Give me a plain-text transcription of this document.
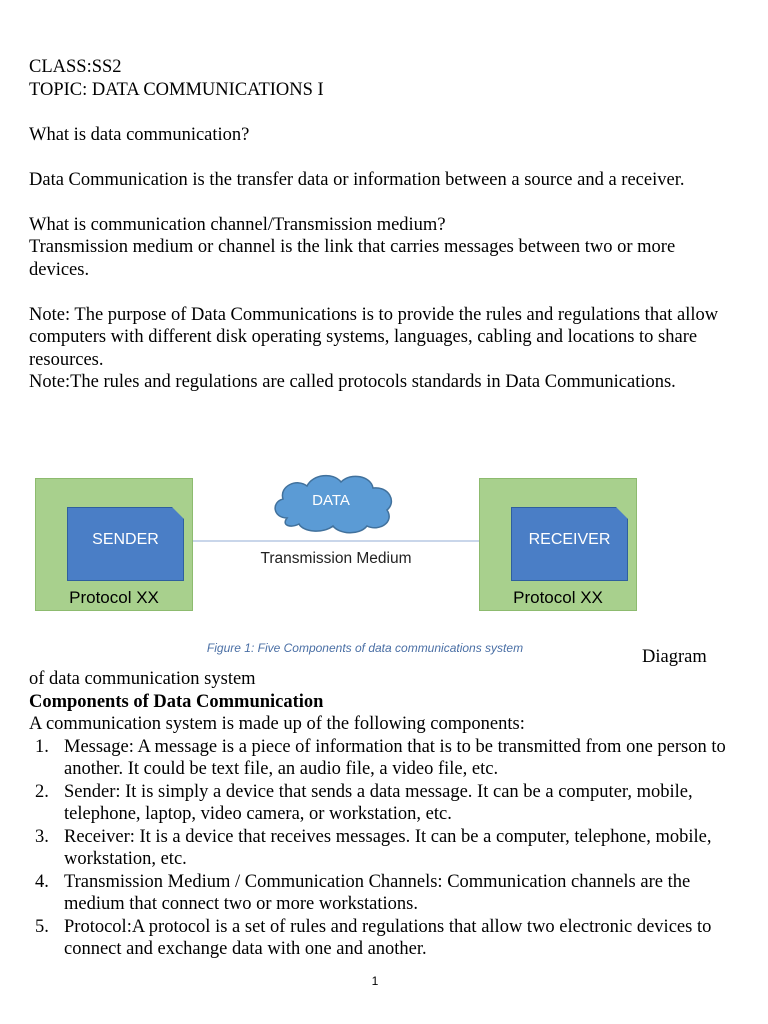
CLASS:SS2

TOPIC: DATA COMMUNICATIONS I

What is data communication?

Data Communication is the transfer data or information between a source and a receiver.

What is communication channel/Transmission medium?

Transmission medium or channel is the link that carries messages between two or more devices.

Note: The purpose of Data Communications is to provide the rules and regulations that allow computers with different disk operating systems, languages, cabling and locations to share resources.

Note:The rules and regulations are called protocols standards in Data Communications.

Transmission Medium
SENDER
Protocol XX
RECEIVER
Protocol XX
DATA
Figure 1: Five Components of data communications system	Diagram

of data communication system

Components of Data Communication

A communication system is made up of the following components:

1. Message: A message is a piece of information that is to be transmitted from one person to another. It could be text file, an audio file, a video file, etc.
2. Sender: It is simply a device that sends a data message. It can be a computer, mobile, telephone, laptop, video camera, or workstation, etc.
3. Receiver: It is a device that receives messages. It can be a computer, telephone, mobile, workstation, etc.
4. Transmission Medium / Communication Channels: Communication channels are the medium that connect two or more workstations.
5. Protocol:A protocol is a set of rules and regulations that allow two electronic devices to connect and exchange data with one and another.
1
